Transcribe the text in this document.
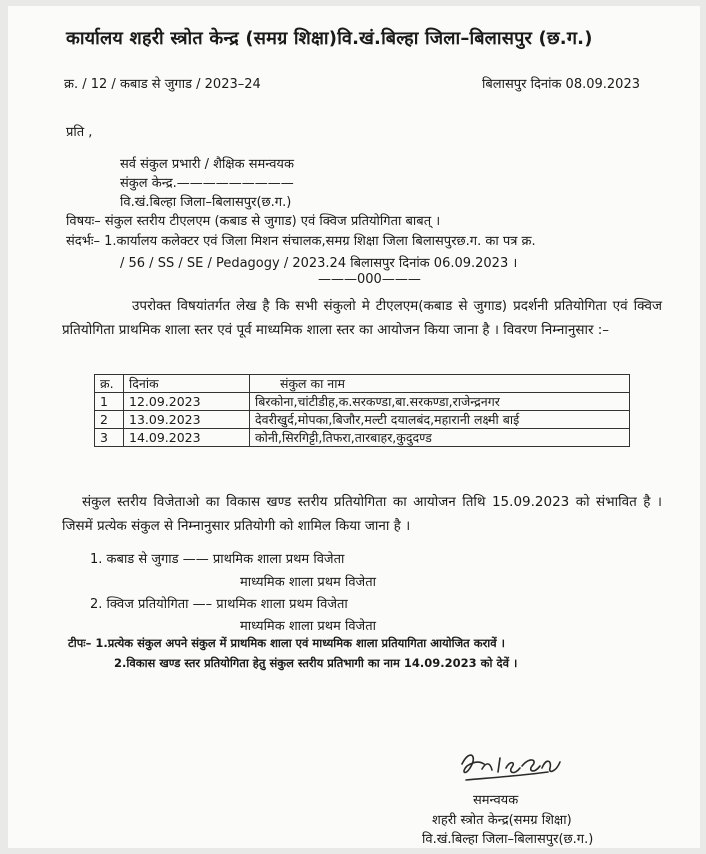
कार्यालय शहरी स्त्रोत केन्द्र (समग्र शिक्षा)वि.खं.बिल्हा जिला–बिलासपुर (छ.ग.)
क्र. / 12 / कबाड से जुगाड / 2023–24	बिलासपुर दिनांक 08.09.2023
प्रति ,
सर्व संकुल प्रभारी / शैक्षिक समन्वयक
संकुल केन्द्र.—————————
वि.खं.बिल्हा जिला–बिलासपुर(छ.ग.)
विषयः– संकुल स्तरीय टीएलएम (कबाड से जुगाड) एवं क्विज प्रतियोगिता बाबत् ।
संदर्भः– 1.कार्यालय कलेक्टर एवं जिला मिशन संचालक,समग्र शिक्षा जिला बिलासपुरछ.ग. का पत्र क्र.
/ 56 / SS / SE / Pedagogy / 2023.24 बिलासपुर दिनांक 06.09.2023 ।
———000———
उपरोक्त विषयांतर्गत लेख है कि सभी संकुलो मे टीएलएम(कबाड से जुगाड) प्रदर्शनी प्रतियोगिता एवं क्विज प्रतियोगिता प्राथमिक शाला स्तर एवं पूर्व माध्यमिक शाला स्तर का आयोजन किया जाना है । विवरण निम्नानुसार :–
क्र.	दिनांक	संकुल का नाम
1	12.09.2023	बिरकोना,चांटीडीह,क.सरकण्डा,बा.सरकण्डा,राजेन्द्रनगर
2	13.09.2023	देवरीखुर्द,मोपका,बिजौर,मल्टी दयालबंद,महारानी लक्ष्मी बाई
3	14.09.2023	कोनी,सिरगिट्टी,तिफरा,तारबाहर,कुदुदण्ड
संकुल स्तरीय विजेताओ का विकास खण्ड स्तरीय प्रतियोगिता का आयोजन तिथि 15.09.2023 को संभावित है । जिसमें प्रत्येक संकुल से निम्नानुसार प्रतियोगी को शामिल किया जाना है ।
1. कबाड से जुगाड —— प्राथमिक शाला प्रथम विजेता
माध्यमिक शाला प्रथम विजेता
2. क्विज प्रतियोगिता —– प्राथमिक शाला प्रथम विजेता
माध्यमिक शाला प्रथम विजेता
टीपः– 1.प्रत्येक संकुल अपने संकुल में प्राथमिक शाला एवं माध्यमिक शाला प्रतियागिता आयोजित करावें ।
2.विकास खण्ड स्तर प्रतियोगिता हेतु संकुल स्तरीय प्रतिभागी का नाम 14.09.2023 को देवें ।
समन्वयक
शहरी स्त्रोत केन्द्र(समग्र शिक्षा)
वि.खं.बिल्हा जिला–बिलासपुर(छ.ग.)
